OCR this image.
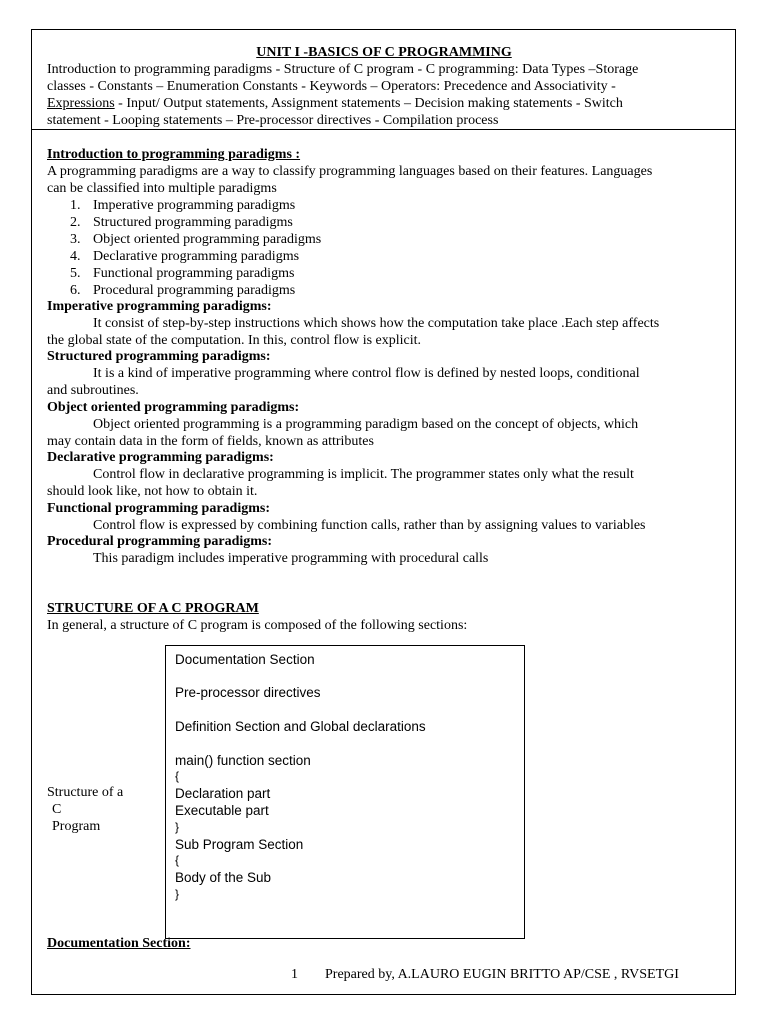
UNIT I -BASICS OF C PROGRAMMING
Introduction to programming paradigms - Structure of C program - C programming: Data Types –Storage
classes - Constants – Enumeration Constants - Keywords – Operators: Precedence and Associativity -
Expressions - Input/ Output statements, Assignment statements – Decision making statements - Switch
statement - Looping statements – Pre-processor directives - Compilation process
Introduction to programming paradigms :
A programming paradigms are a way to classify programming languages based on their features. Languages
can be classified into multiple paradigms
1. Imperative programming paradigms
2. Structured programming paradigms
3. Object oriented programming paradigms
4. Declarative programming paradigms
5. Functional programming paradigms
6. Procedural programming paradigms
Imperative programming paradigms:
It consist of step-by-step instructions which shows how the computation take place .Each step affects
the global state of the computation. In this, control flow is explicit.
Structured programming paradigms:
It is a kind of imperative programming where control flow is defined by nested loops, conditional
and subroutines.
Object oriented programming paradigms:
Object oriented programming is a programming paradigm based on the concept of objects, which
may contain data in the form of fields, known as attributes
Declarative programming paradigms:
Control flow in declarative programming is implicit. The programmer states only what the result
should look like, not how to obtain it.
Functional programming paradigms:
Control flow is expressed by combining function calls, rather than by assigning values to variables
Procedural programming paradigms:
This paradigm includes imperative programming with procedural calls
STRUCTURE OF A C PROGRAM
In general, a structure of C program is composed of the following sections:
Structure of a
C
Program
Documentation Section
Pre-processor directives
Definition Section and Global declarations
main() function section
{
Declaration part
Executable part
}
Sub Program Section
{
Body of the Sub
}
Documentation Section:
1 Prepared by, A.LAURO EUGIN BRITTO AP/CSE , RVSETGI
